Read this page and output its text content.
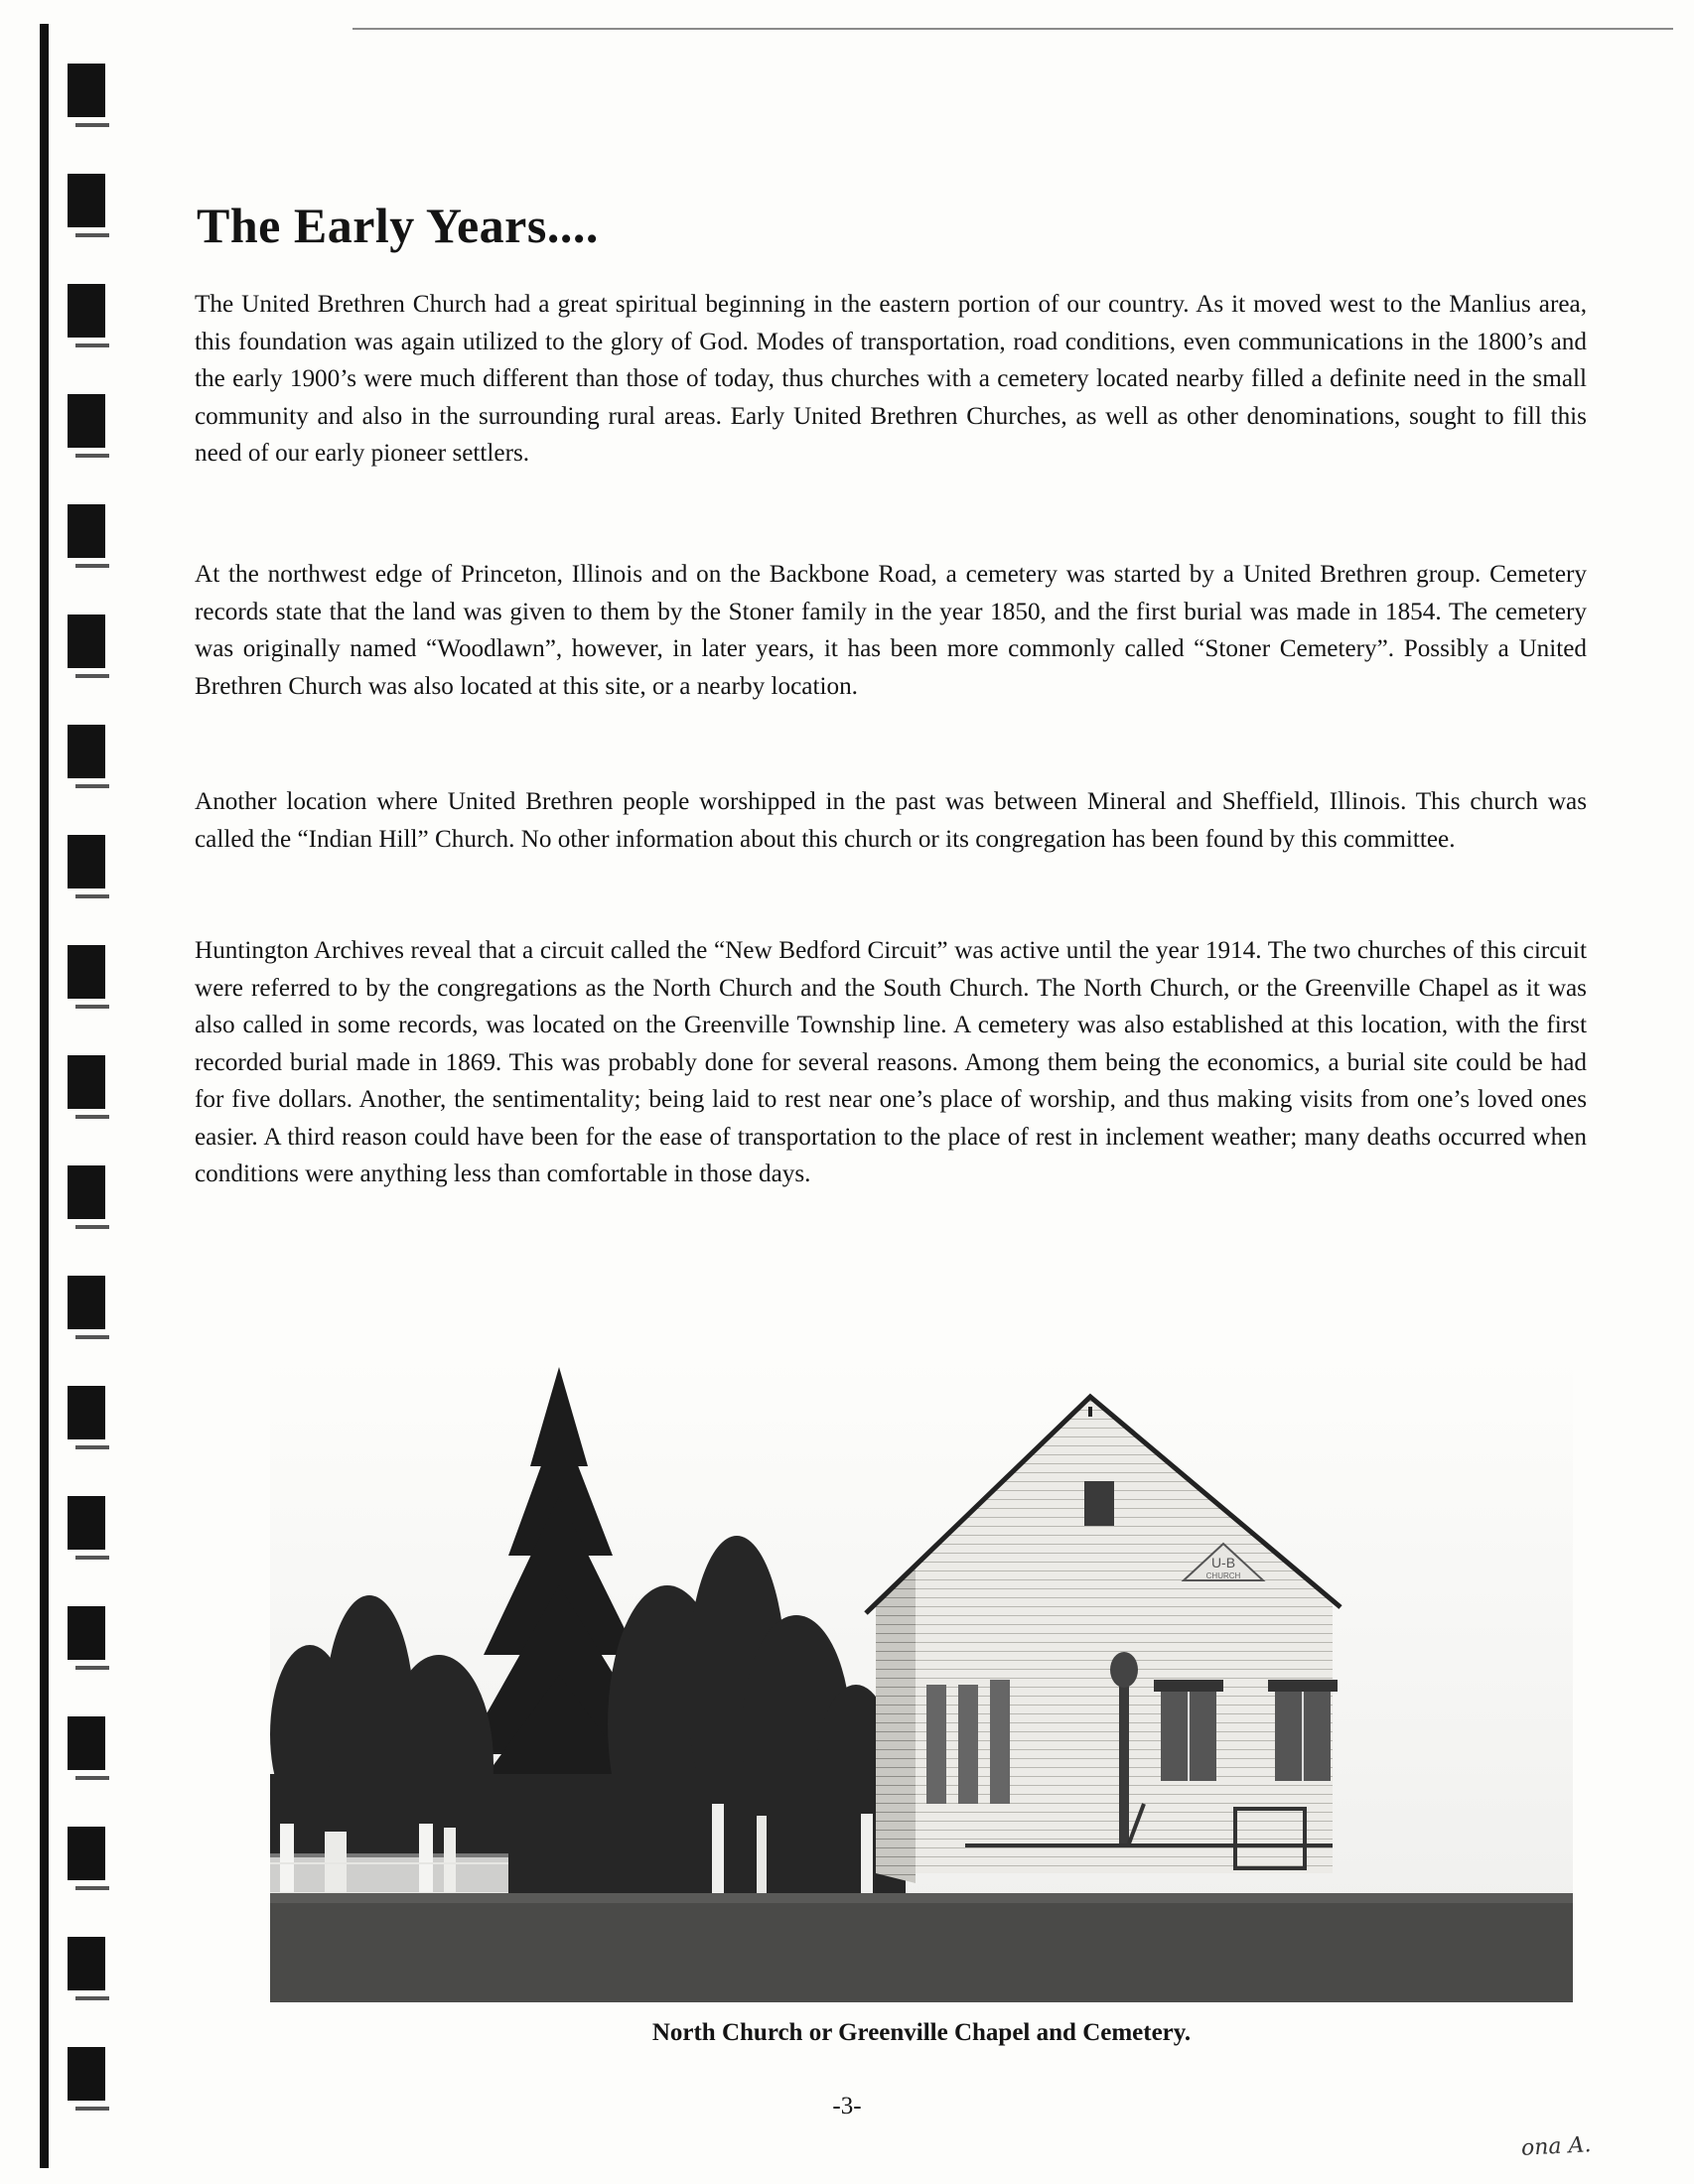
The Early Years....

The United Brethren Church had a great spiritual beginning in the eastern portion of our country. As it moved west to the Manlius area, this foundation was again utilized to the glory of God. Modes of transportation, road conditions, even communications in the 1800’s and the early 1900’s were much different than those of today, thus churches with a cemetery located nearby filled a definite need in the small community and also in the surrounding rural areas. Early United Brethren Churches, as well as other denominations, sought to fill this need of our early pioneer settlers.

At the northwest edge of Princeton, Illinois and on the Backbone Road, a cemetery was started by a United Brethren group. Cemetery records state that the land was given to them by the Stoner family in the year 1850, and the first burial was made in 1854. The cemetery was originally named “Woodlawn”, however, in later years, it has been more commonly called “Stoner Cemetery”. Possibly a United Brethren Church was also located at this site, or a nearby location.

Another location where United Brethren people worshipped in the past was between Mineral and Sheffield, Illinois. This church was called the “Indian Hill” Church. No other information about this church or its congregation has been found by this committee.

Huntington Archives reveal that a circuit called the “New Bedford Circuit” was active until the year 1914. The two churches of this circuit were referred to by the congregations as the North Church and the South Church. The North Church, or the Greenville Chapel as it was also called in some records, was located on the Greenville Township line. A cemetery was also established at this location, with the first recorded burial made in 1869. This was probably done for several reasons. Among them being the economics, a burial site could be had for five dollars. Another, the sentimentality; being laid to rest near one’s place of worship, and thus making visits from one’s loved ones easier. A third reason could have been for the ease of transportation to the place of rest in inclement weather; many deaths occurred when conditions were anything less than comfortable in those days.

U-B
CHURCH
North Church or Greenville Chapel and Cemetery.
-3-
ona A.
